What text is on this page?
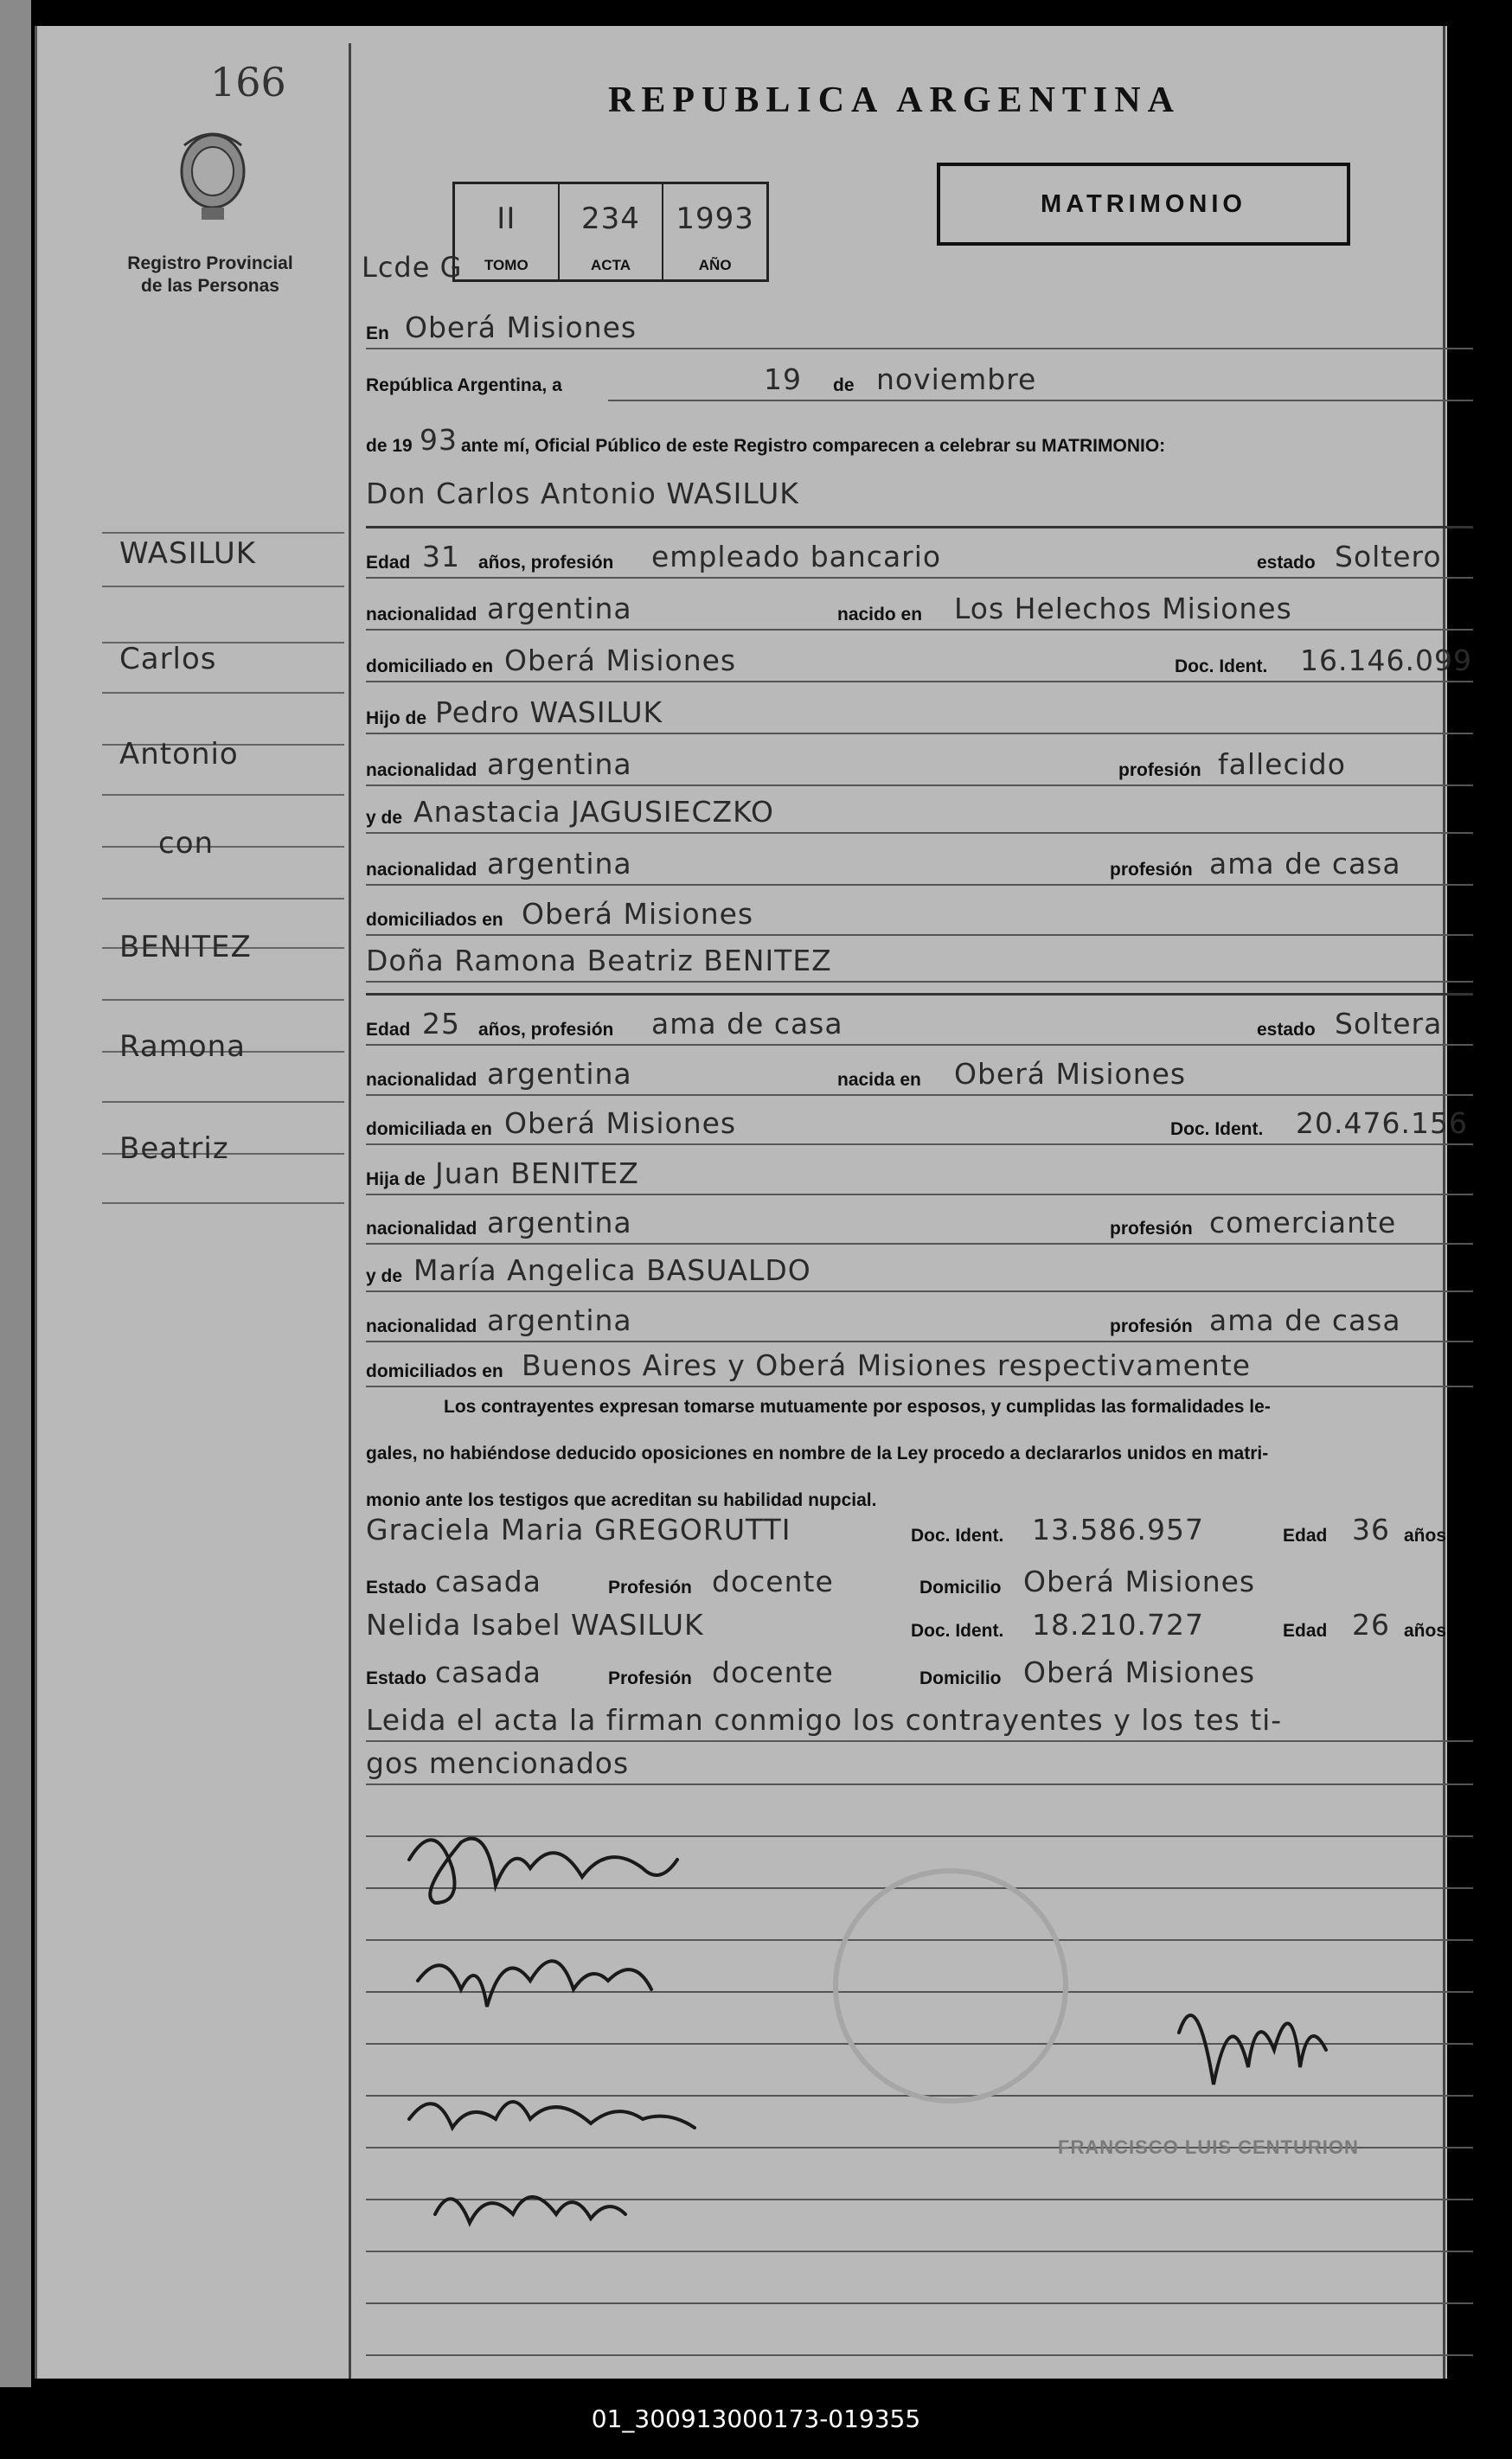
166
Registro Provincial
de las Personas
WASILUK
Carlos
Antonio
con
BENITEZ
Ramona
Beatriz
REPUBLICA ARGENTINA
MATRIMONIO
II
TOMO
234
ACTA
1993
AÑO
Lcde G
En Oberá Misiones
República Argentina, a	19 de noviembre
de 19 93 ante mí, Oficial Público de este Registro comparecen a celebrar su MATRIMONIO:
Don Carlos Antonio WASILUK
Edad 31 años, profesión empleado bancario	estado Soltero
nacionalidad argentina	nacido en Los Helechos Misiones
domiciliado en Oberá Misiones	Doc. Ident. 16.146.099
Hijo de Pedro WASILUK
nacionalidad argentina	profesión fallecido
y de Anastacia JAGUSIECZKO
nacionalidad argentina	profesión ama de casa
domiciliados en Oberá Misiones
Doña Ramona Beatriz BENITEZ
Edad 25 años, profesión ama de casa	estado Soltera
nacionalidad argentina	nacida en Oberá Misiones
domiciliada en Oberá Misiones	Doc. Ident. 20.476.156
Hija de Juan BENITEZ
nacionalidad argentina	profesión comerciante
y de María Angelica BASUALDO
nacionalidad argentina	profesión ama de casa
domiciliados en Buenos Aires y Oberá Misiones respectivamente
Los contrayentes expresan tomarse mutuamente por esposos, y cumplidas las formalidades le-
gales, no habiéndose deducido oposiciones en nombre de la Ley procedo a declararlos unidos en matri-
monio ante los testigos que acreditan su habilidad nupcial.
Graciela Maria GREGORUTTI	Doc. Ident. 13.586.957	Edad 36 años
Estado casada	Profesión docente	Domicilio Oberá Misiones
Nelida Isabel WASILUK	Doc. Ident. 18.210.727	Edad 26 años
Estado casada	Profesión docente	Domicilio Oberá Misiones
Leida el acta la firman conmigo los contrayentes y los tes ti-
gos mencionados
FRANCISCO LUIS CENTURION
01_300913000173-019355
